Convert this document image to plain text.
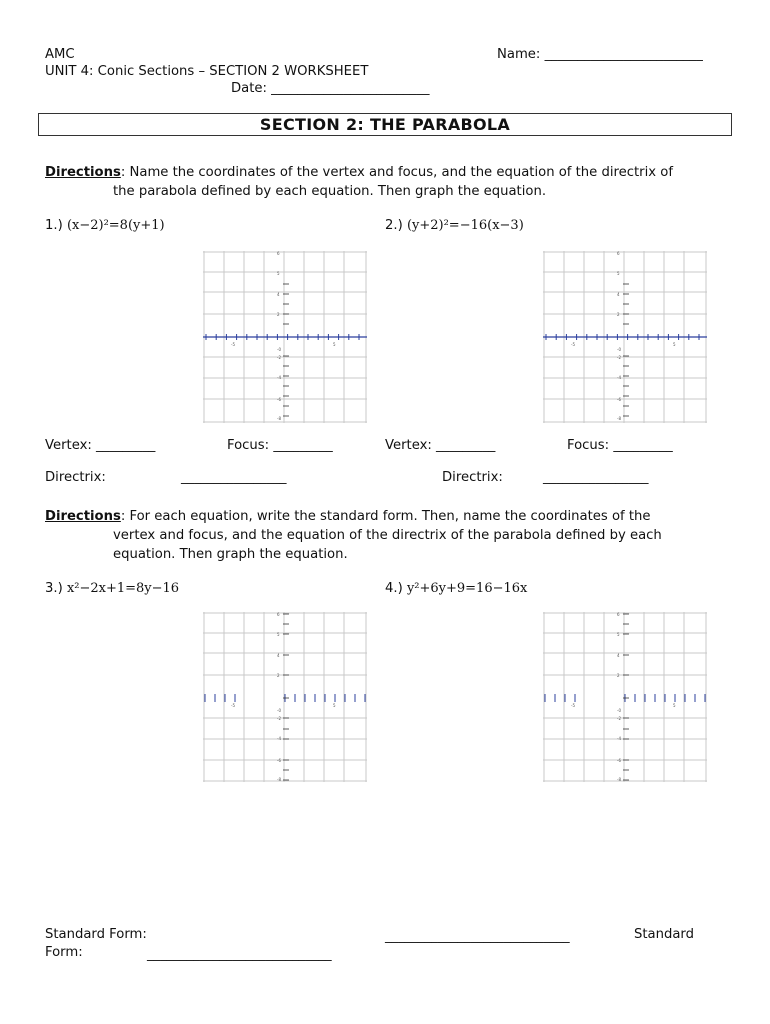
AMC
UNIT 4: Conic Sections – SECTION 2 WORKSHEET
Date: ________________________
Name: ________________________
SECTION 2: THE PARABOLA
Directions: Name the coordinates of the vertex and focus, and the equation of the directrix of
the parabola defined by each equation. Then graph the equation.
1.) (x−2)²=8(y+1)	2.) (y+2)²=−16(x−3)
6
5
4
2
-2
-4
-6
-8
-5	5
-0
6
5
4
2
-2
-4
-6
-8
-5	5
-0
Vertex: _________	Focus: _________	Vertex: _________	Focus: _________
Directrix:	________________	Directrix:	________________
Directions: For each equation, write the standard form. Then, name the coordinates of the
vertex and focus, and the equation of the directrix of the parabola defined by each
equation. Then graph the equation.
3.) x²−2x+1=8y−16	4.) y²+6y+9=16−16x
6
5
4
2
-2
-4
-6
-8
-5	5
-0
6
5
4
2
-2
-4
-6
-8
-5	5
-0
Standard Form:	____________________________	Standard
Form:	____________________________
